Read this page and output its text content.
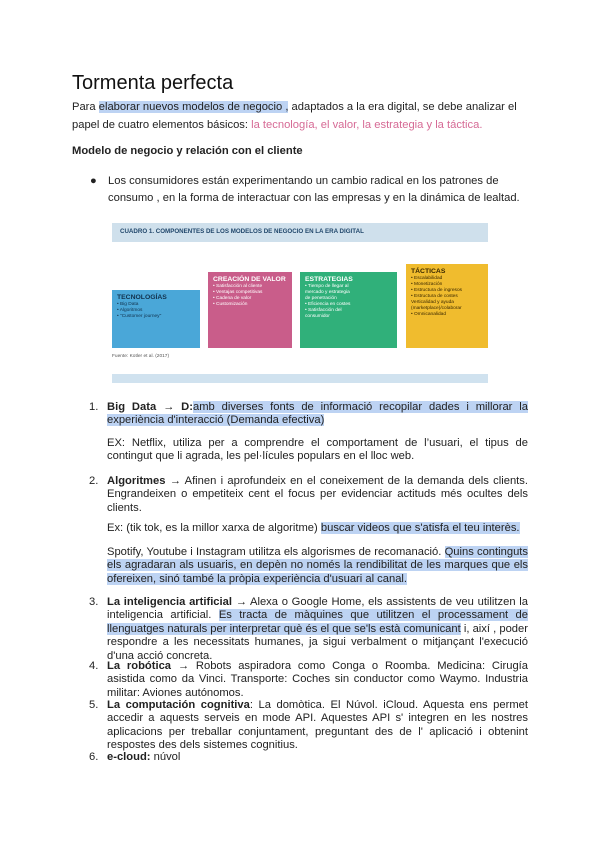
Tormenta perfecta
Para elaborar nuevos modelos de negocio , adaptados a la era digital, se debe analizar el papel de cuatro elementos básicos: la tecnología, el valor, la estrategia y la táctica.
Modelo de negocio y relación con el cliente
● Los consumidores están experimentando un cambio radical en los patrones de consumo , en la forma de interactuar con las empresas y en la dinámica de lealtad.
CUADRO 1. COMPONENTES DE LOS MODELOS DE NEGOCIO EN LA ERA DIGITAL
TECNOLOGÍAS
• Big Data
• Algoritmos
• "Customer journey"
CREACIÓN DE VALOR
• Satisfacción al cliente
• Ventajas competitivas
• Cadena de valor
• Customización
ESTRATEGIAS
• Tiempo de llegar al
mercado y estrategia
de penetración
• Eficiencia en costes
• Satisfacción del
consumidor
TÁCTICAS
• Escalabilidad
• Monetización
• Estructura de ingresos
• Estructura de costes
Verticalidad y ayuda
(marketplace)/colaborar
• Omnicanalidad
Fuente: Kotler et al. (2017)
1. Big Data → D:amb diverses fonts de informació recopilar dades i millorar la experiència d'interacció (Demanda efectiva)
EX: Netflix, utiliza per a comprendre el comportament de l’usuari, el tipus de contingut que li agrada, les pel·lícules populars en el lloc web.
2. Algoritmes → Afinen i aprofundeix en el coneixement de la demanda dels clients. Engrandeixen o empetiteix cent el focus per evidenciar actituds més ocultes dels clients.
Ex: (tik tok, es la millor xarxa de algoritme) buscar videos que s'atisfa el teu interès.
Spotify, Youtube i Instagram utilitza els algorismes de recomanació. Quins continguts els agradaran als usuaris, en depèn no només la rendibilitat de les marques que els ofereixen, sinó també la pròpia experiència d'usuari al canal.
3. La inteligencia artificial → Alexa o Google Home, els assistents de veu utilitzen la inteligencia artificial. Es tracta de màquines que utilitzen el processament de llenguatges naturals per interpretar què és el que se'ls està comunicant i, així , poder respondre a les necessitats humanes, ja sigui verbalment o mitjançant l'execució d'una acció concreta.
4. La robótica → Robots aspiradora como Conga o Roomba. Medicina: Cirugía asistida como da Vinci. Transporte: Coches sin conductor como Waymo. Industria militar: Aviones autónomos.
5. La computación cognitiva: La domòtica. El Núvol. iCloud. Aquesta ens permet accedir a aquests serveis en mode API. Aquestes API s' integren en les nostres aplicacions per treballar conjuntament, preguntant des de l' aplicació i obtenint respostes des dels sistemes cognitius.
6. e-cloud: núvol
